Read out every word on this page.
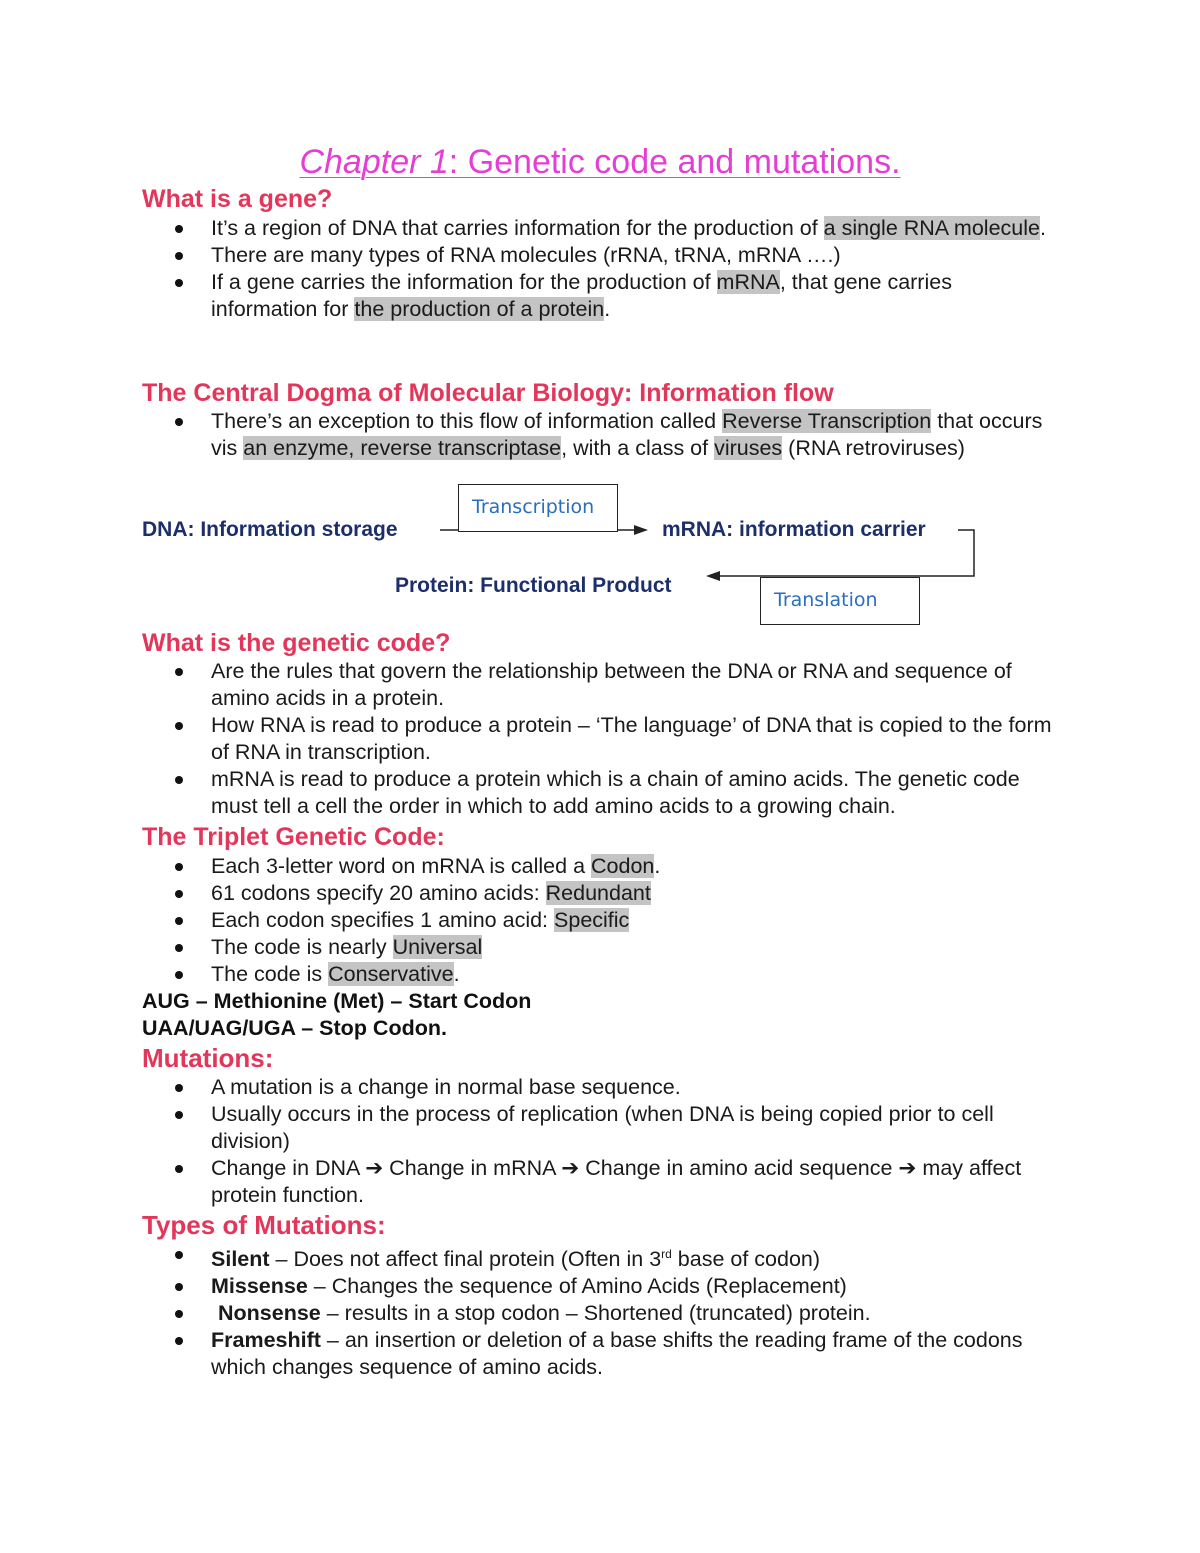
Chapter 1: Genetic code and mutations.
What is a gene?
It’s a region of DNA that carries information for the production of a single RNA molecule.
There are many types of RNA molecules (rRNA, tRNA, mRNA ….)
If a gene carries the information for the production of mRNA, that gene carries information for the production of a protein.
The Central Dogma of Molecular Biology: Information flow
There’s an exception to this flow of information called Reverse Transcription that occurs vis an enzyme, reverse transcriptase, with a class of viruses (RNA retroviruses)
DNA: Information storage	mRNA: information carrier
Protein: Functional Product
Transcription
Translation
What is the genetic code?
Are the rules that govern the relationship between the DNA or RNA and sequence of amino acids in a protein.
How RNA is read to produce a protein – ‘The language’ of DNA that is copied to the form of RNA in transcription.
mRNA is read to produce a protein which is a chain of amino acids. The genetic code must tell a cell the order in which to add amino acids to a growing chain.
The Triplet Genetic Code:
Each 3-letter word on mRNA is called a Codon.
61 codons specify 20 amino acids: Redundant
Each codon specifies 1 amino acid: Specific
The code is nearly Universal
The code is Conservative.
AUG – Methionine (Met) – Start Codon
UAA/UAG/UGA – Stop Codon.
Mutations:
A mutation is a change in normal base sequence.
Usually occurs in the process of replication (when DNA is being copied prior to cell division)
Change in DNA ➔ Change in mRNA ➔ Change in amino acid sequence ➔ may affect protein function.
Types of Mutations:
Silent – Does not affect final protein (Often in 3rd base of codon)
Missense – Changes the sequence of Amino Acids (Replacement)
Nonsense – results in a stop codon – Shortened (truncated) protein.
Frameshift – an insertion or deletion of a base shifts the reading frame of the codons which changes sequence of amino acids.
